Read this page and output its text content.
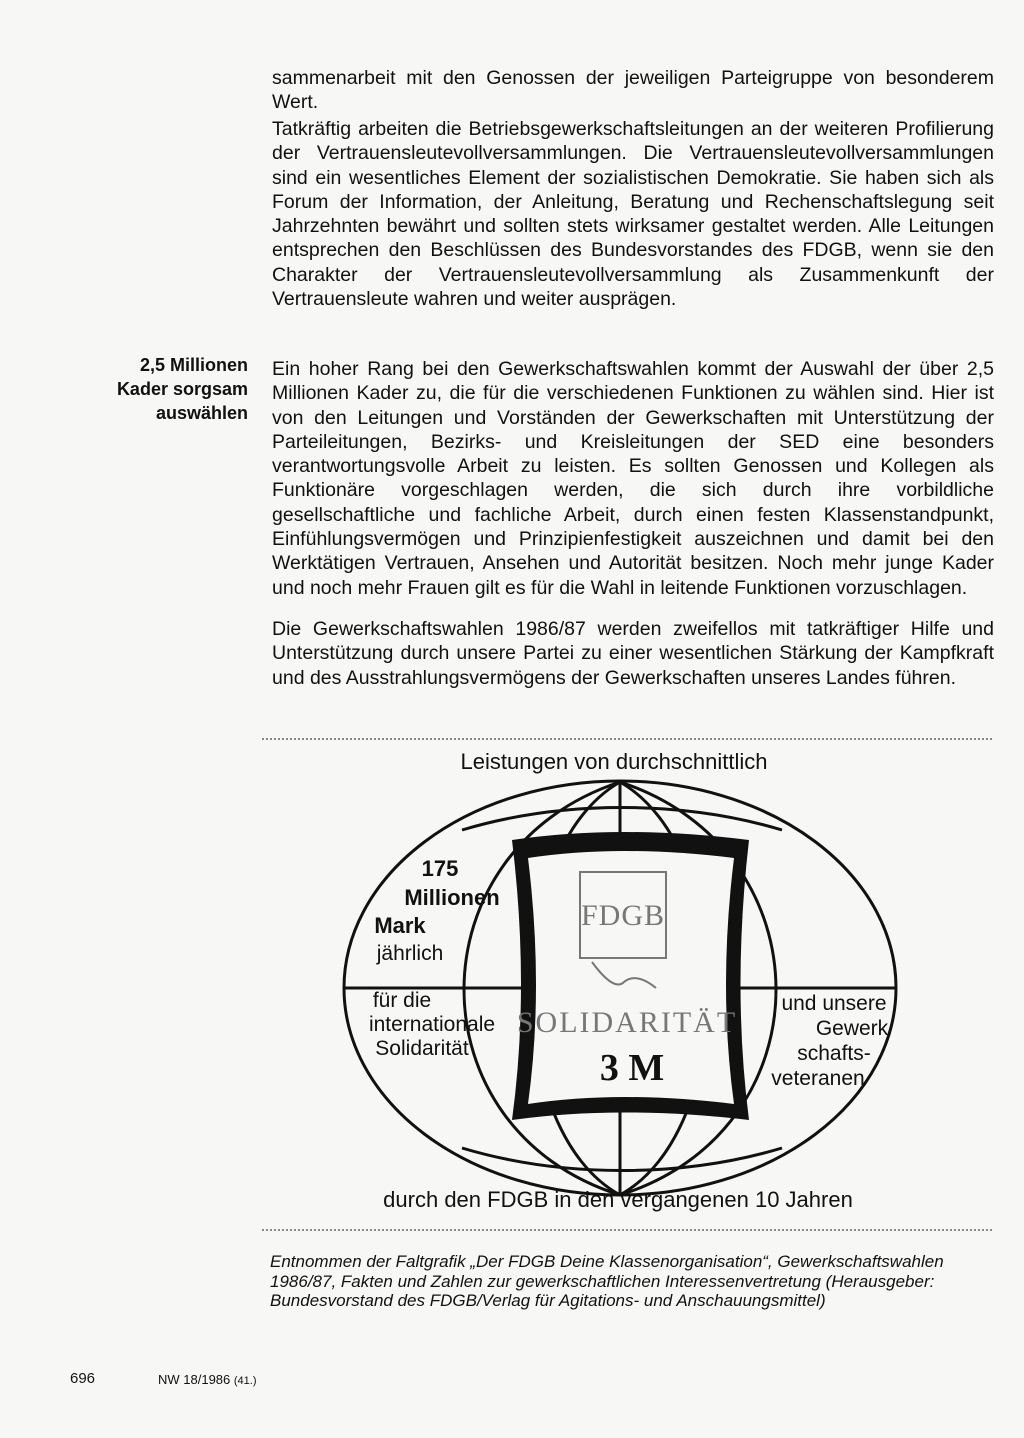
sammenarbeit mit den Genossen der jeweiligen Parteigruppe von besonderem Wert.

Tatkräftig arbeiten die Betriebsgewerkschaftsleitungen an der weiteren Profilierung der Vertrauensleutevollversammlungen. Die Vertrauensleutevollversammlungen sind ein wesentliches Element der sozialistischen Demokratie. Sie haben sich als Forum der Information, der Anleitung, Beratung und Rechenschaftslegung seit Jahrzehnten bewährt und sollten stets wirksamer gestaltet werden. Alle Leitungen entsprechen den Beschlüssen des Bundesvorstandes des FDGB, wenn sie den Charakter der Vertrauensleutevollversammlung als Zusammenkunft der Vertrauensleute wahren und weiter ausprägen.

2,5 Millionen
Kader sorgsam
auswählen

Ein hoher Rang bei den Gewerkschaftswahlen kommt der Auswahl der über 2,5 Millionen Kader zu, die für die verschiedenen Funktionen zu wählen sind. Hier ist von den Leitungen und Vorständen der Gewerkschaften mit Unterstützung der Parteileitungen, Bezirks- und Kreisleitungen der SED eine besonders verantwortungsvolle Arbeit zu leisten. Es sollten Genossen und Kollegen als Funktionäre vorgeschlagen werden, die sich durch ihre vorbildliche gesellschaftliche und fachliche Arbeit, durch einen festen Klassenstandpunkt, Einfühlungsvermögen und Prinzipienfestigkeit auszeichnen und damit bei den Werktätigen Vertrauen, Ansehen und Autorität besitzen. Noch mehr junge Kader und noch mehr Frauen gilt es für die Wahl in leitende Funktionen vorzuschlagen.

Die Gewerkschaftswahlen 1986/87 werden zweifellos mit tatkräftiger Hilfe und Unterstützung durch unsere Partei zu einer wesentlichen Stärkung der Kampfkraft und des Ausstrahlungsvermögens der Gewerkschaften unseres Landes führen.

FDGB
SOLIDARITÄT
3 M
Leistungen von durchschnittlich
175
Millionen
Mark
jährlich
für die
internationale
Solidarität
und unsere
Gewerk
schafts-
veteranen
durch den FDGB in den vergangenen 10 Jahren

Entnommen der Faltgrafik „Der FDGB Deine Klassenorganisation“, Gewerkschaftswahlen 1986/87, Fakten und Zahlen zur gewerkschaftlichen Interessenvertretung (Herausgeber: Bundesvorstand des FDGB/Verlag für Agitations- und Anschauungsmittel)

696	NW 18/1986 (41.)
